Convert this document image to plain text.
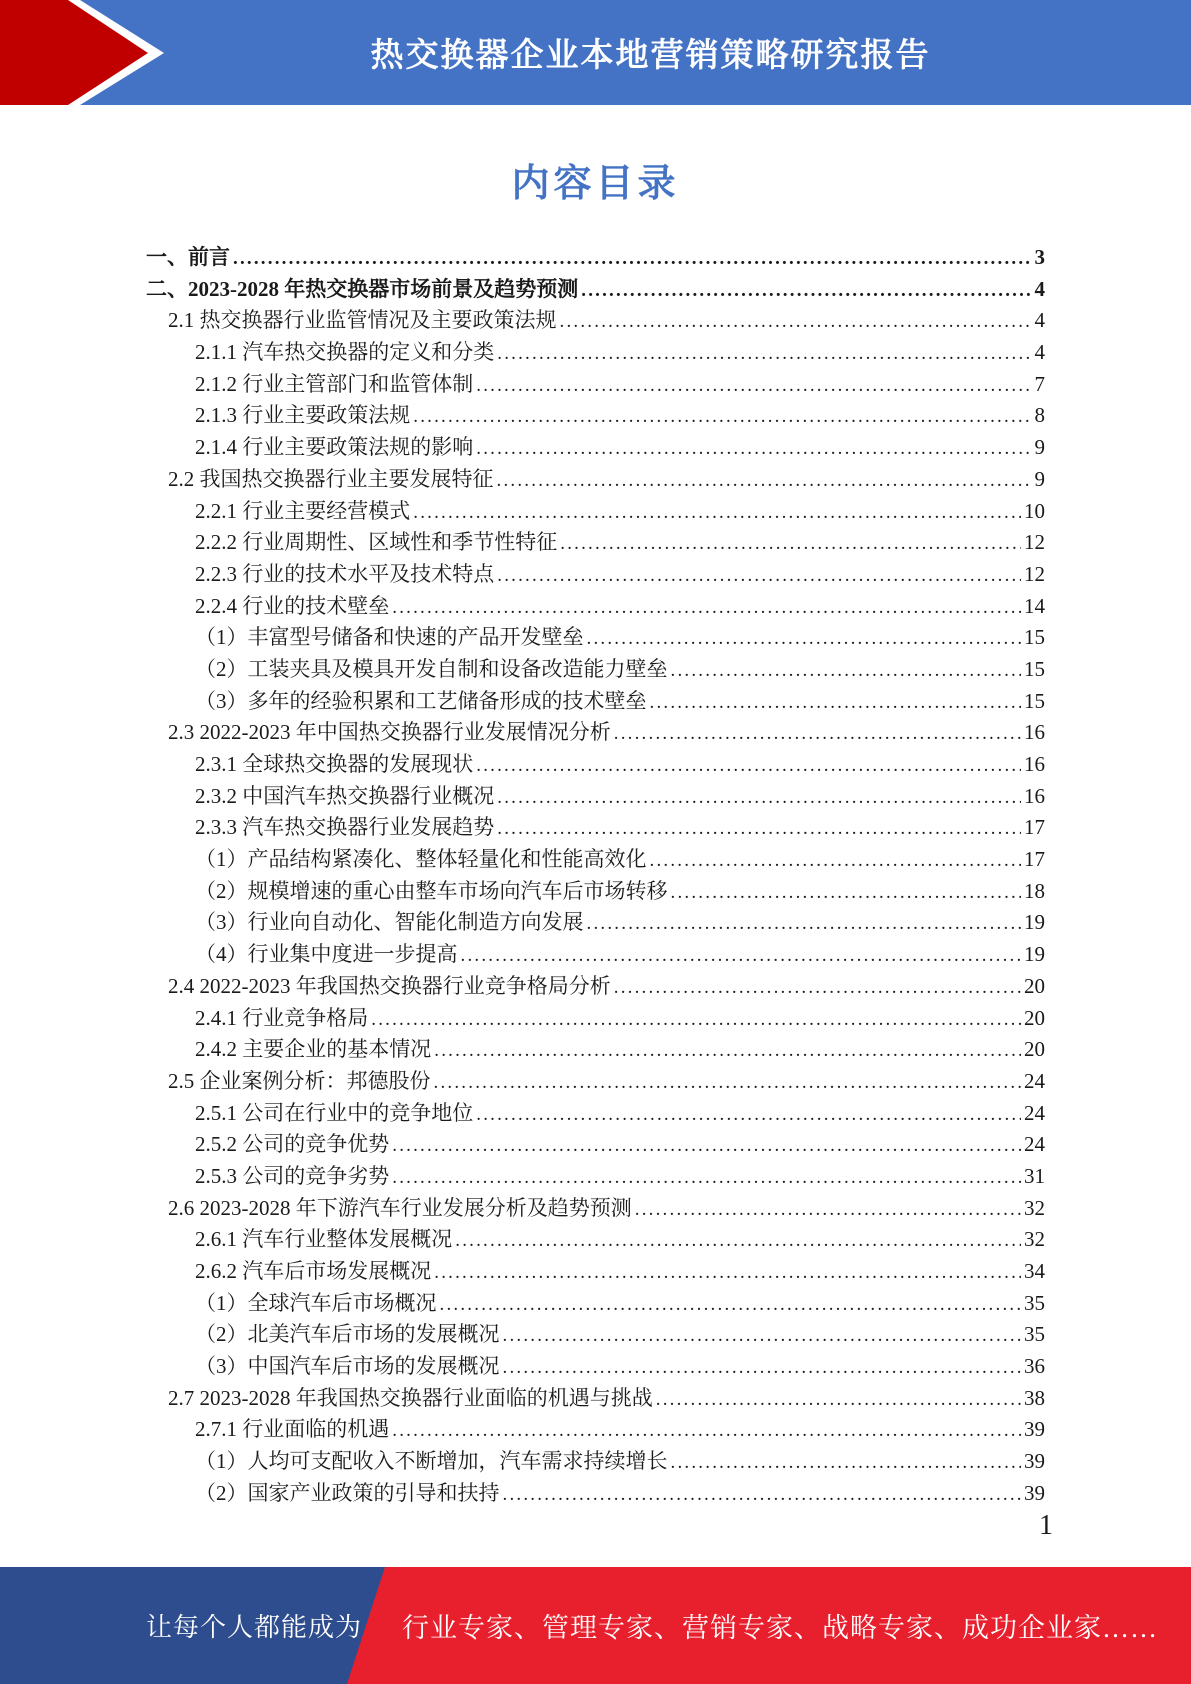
热交换器企业本地营销策略研究报告
内容目录
一、前言 .....	3
二、2023-2028 年热交换器市场前景及趋势预测 .....	4
2.1 热交换器行业监管情况及主要政策法规 .....	4
2.1.1 汽车热交换器的定义和分类 .....	4
2.1.2 行业主管部门和监管体制 .....	7
2.1.3 行业主要政策法规 .....	8
2.1.4 行业主要政策法规的影响 .....	9
2.2 我国热交换器行业主要发展特征 .....	9
2.2.1 行业主要经营模式 .....	10
2.2.2 行业周期性、区域性和季节性特征 .....	12
2.2.3 行业的技术水平及技术特点 .....	12
2.2.4 行业的技术壁垒 .....	14
（1）丰富型号储备和快速的产品开发壁垒 .....	15
（2）工装夹具及模具开发自制和设备改造能力壁垒 .....	15
（3）多年的经验积累和工艺储备形成的技术壁垒 .....	15
2.3 2022-2023 年中国热交换器行业发展情况分析 .....	16
2.3.1 全球热交换器的发展现状 .....	16
2.3.2 中国汽车热交换器行业概况 .....	16
2.3.3 汽车热交换器行业发展趋势 .....	17
（1）产品结构紧凑化、整体轻量化和性能高效化 .....	17
（2）规模增速的重心由整车市场向汽车后市场转移 .....	18
（3）行业向自动化、智能化制造方向发展 .....	19
（4）行业集中度进一步提高 .....	19
2.4 2022-2023 年我国热交换器行业竞争格局分析 .....	20
2.4.1 行业竞争格局 .....	20
2.4.2 主要企业的基本情况 .....	20
2.5 企业案例分析：邦德股份 .....	24
2.5.1 公司在行业中的竞争地位 .....	24
2.5.2 公司的竞争优势 .....	24
2.5.3 公司的竞争劣势 .....	31
2.6 2023-2028 年下游汽车行业发展分析及趋势预测 .....	32
2.6.1 汽车行业整体发展概况 .....	32
2.6.2 汽车后市场发展概况 .....	34
（1）全球汽车后市场概况 .....	35
（2）北美汽车后市场的发展概况 .....	35
（3）中国汽车后市场的发展概况 .....	36
2.7 2023-2028 年我国热交换器行业面临的机遇与挑战 .....	38
2.7.1 行业面临的机遇 .....	39
（1）人均可支配收入不断增加，汽车需求持续增长 .....	39
（2）国家产业政策的引导和扶持 .....	39
1
让每个人都能成为 行业专家、管理专家、营销专家、战略专家、成功企业家……
